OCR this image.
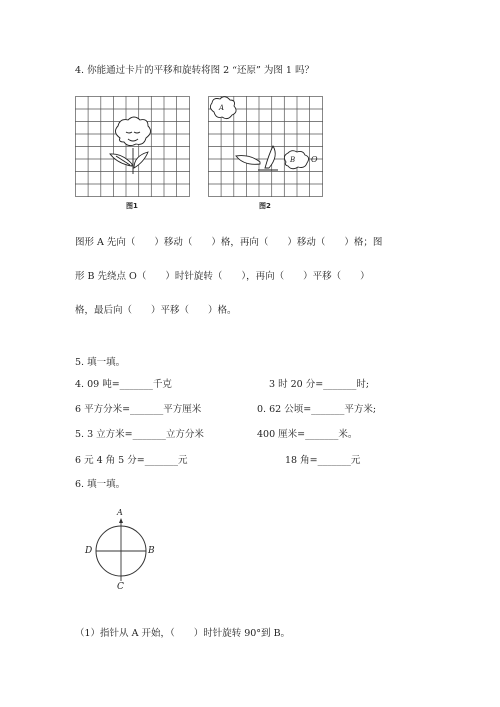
4. 你能通过卡片的平移和旋转将图 2 “还原” 为图 1 吗？
图1
A
B O
图2
图形 A 先向（　　）移动（　　）格，再向（　　）移动（　　）格；图
形 B 先绕点 O（　　）时针旋转（　　），再向（　　）平移（　　）
格，最后向（　　）平移（　　）格。
5. 填一填。
4. 09 吨=_______千克	3 时 20 分=_______时;
6 平方分米=_______平方厘米	0. 62 公顷=_______平方米;
5. 3 立方米=_______立方分米	400 厘米=_______米。
6 元 4 角 5 分=_______元	18 角=_______元
6. 填一填。
A
B
C
D
（1）指针从 A 开始，（　　）时针旋转 90°到 B。
